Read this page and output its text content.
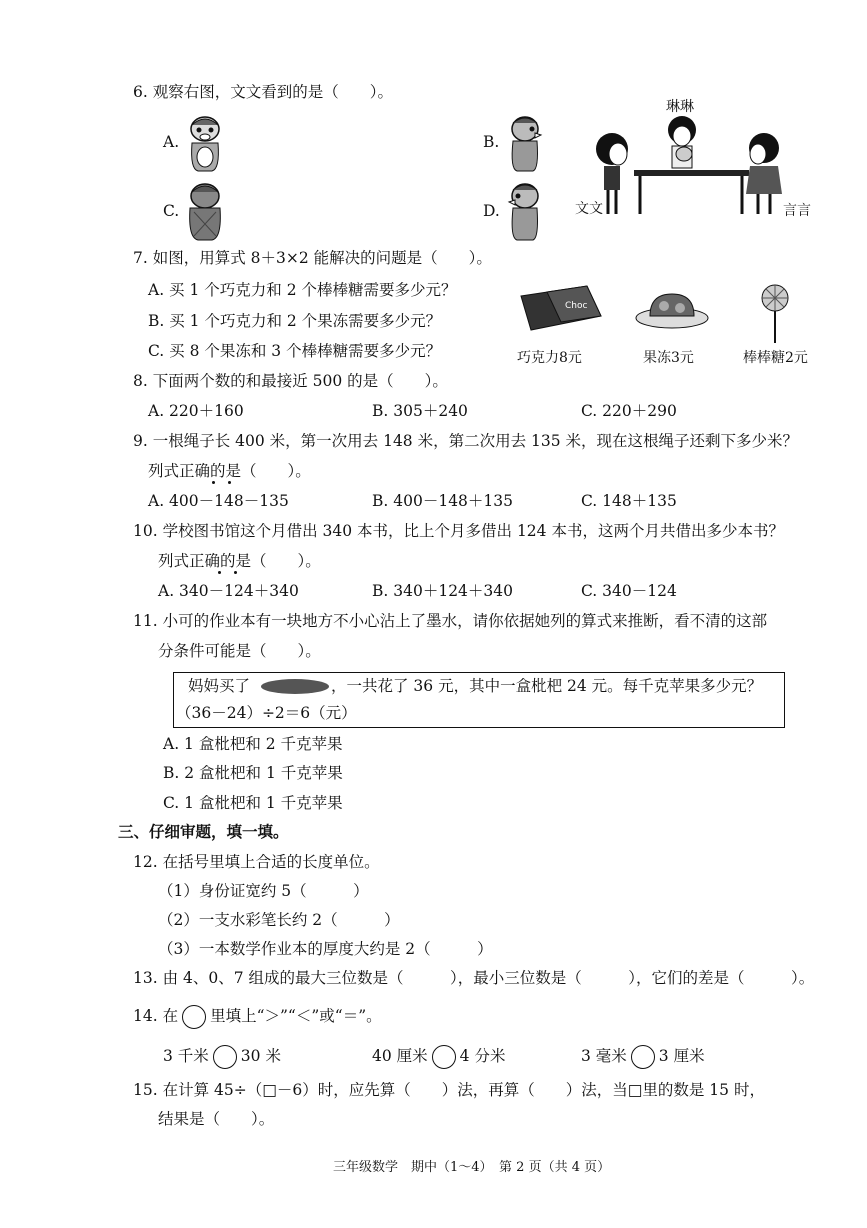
6. 观察右图，文文看到的是（　　）。
A.	B.
C.	D.
琳琳
文文	言言
7. 如图，用算式 8＋3×2 能解决的问题是（　　）。
A. 买 1 个巧克力和 2 个棒棒糖需要多少元？
B. 买 1 个巧克力和 2 个果冻需要多少元？
C. 买 8 个果冻和 3 个棒棒糖需要多少元？
Choc
巧克力8元	果冻3元	棒棒糖2元
8. 下面两个数的和最接近 500 的是（　　）。
A. 220＋160	B. 305＋240	C. 220＋290
9. 一根绳子长 400 米，第一次用去 148 米，第二次用去 135 米，现在这根绳子还剩下多少米？
列式正确的是（　　）。
A. 400－148－135	B. 400－148＋135	C. 148＋135
10. 学校图书馆这个月借出 340 本书，比上个月多借出 124 本书，这两个月共借出多少本书？
列式正确的是（　　）。
A. 340－124＋340	B. 340＋124＋340	C. 340－124
11. 小可的作业本有一块地方不小心沾上了墨水，请你依据她列的算式来推断，看不清的这部
分条件可能是（　　）。
妈妈买了	，一共花了 36 元，其中一盒枇杷 24 元。每千克苹果多少元？
（36－24）÷2＝6（元）
A. 1 盒枇杷和 2 千克苹果
B. 2 盒枇杷和 1 千克苹果
C. 1 盒枇杷和 1 千克苹果
三、仔细审题，填一填。
12. 在括号里填上合适的长度单位。
（1）身份证宽约 5（　　　）
（2）一支水彩笔长约 2（　　　）
（3）一本数学作业本的厚度大约是 2（　　　）
13. 由 4、0、7 组成的最大三位数是（　　　），最小三位数是（　　　），它们的差是（　　　）。
14. 在 里填上“＞”“＜”或“＝”。
3 千米 30 米	40 厘米 4 分米	3 毫米 3 厘米
15. 在计算 45÷（□－6）时，应先算（　　）法，再算（　　）法，当□里的数是 15 时，
结果是（　　）。
三年级数学　期中（1～4）　第 2 页（共 4 页）
